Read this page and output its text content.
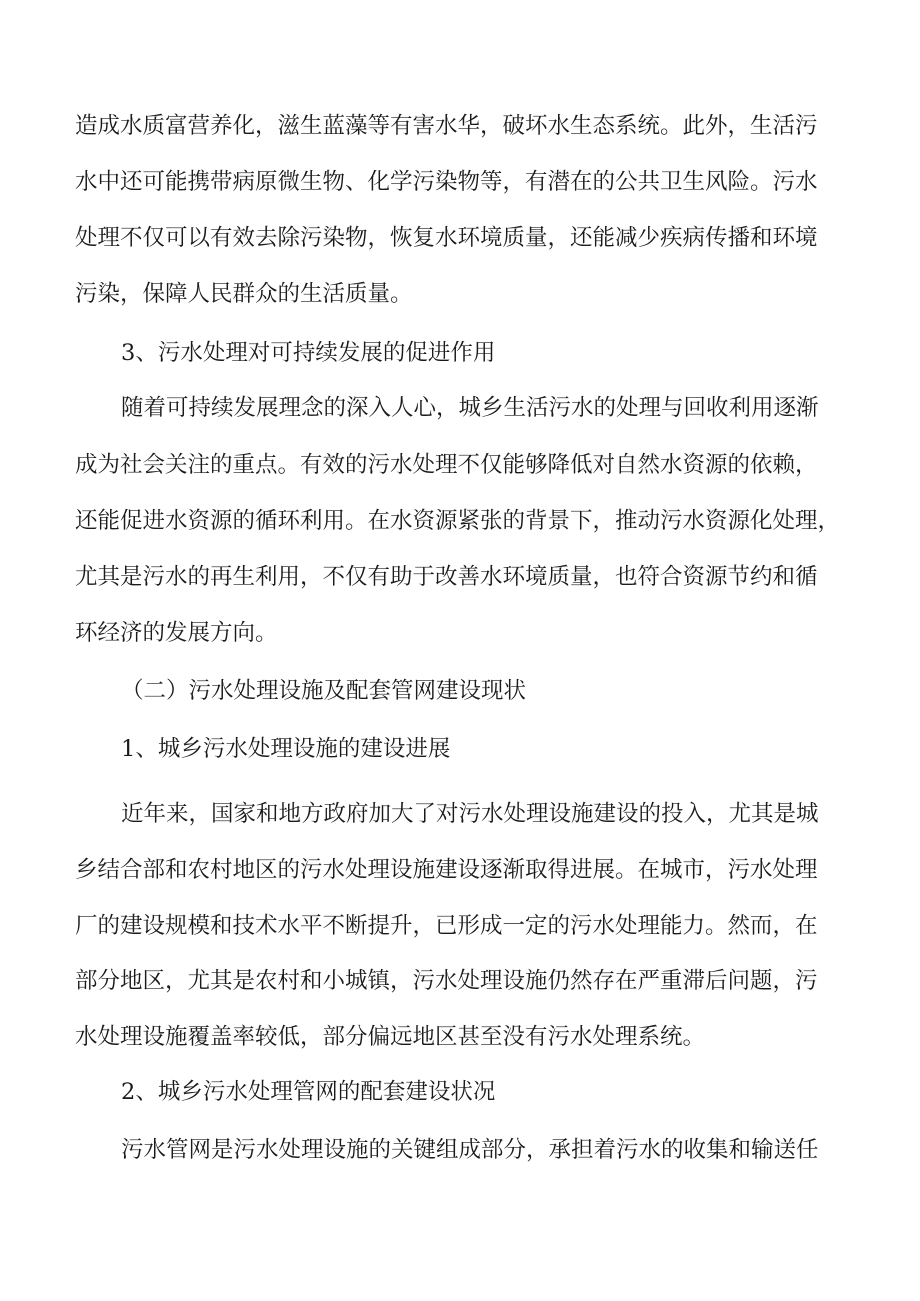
造成水质富营养化，滋生蓝藻等有害水华，破坏水生态系统。此外，生活污
水中还可能携带病原微生物、化学污染物等，有潜在的公共卫生风险。污水
处理不仅可以有效去除污染物，恢复水环境质量，还能减少疾病传播和环境
污染，保障人民群众的生活质量。
3、污水处理对可持续发展的促进作用
随着可持续发展理念的深入人心，城乡生活污水的处理与回收利用逐渐
成为社会关注的重点。有效的污水处理不仅能够降低对自然水资源的依赖，
还能促进水资源的循环利用。在水资源紧张的背景下，推动污水资源化处理，
尤其是污水的再生利用，不仅有助于改善水环境质量，也符合资源节约和循
环经济的发展方向。
（二）污水处理设施及配套管网建设现状
1、城乡污水处理设施的建设进展
近年来，国家和地方政府加大了对污水处理设施建设的投入，尤其是城
乡结合部和农村地区的污水处理设施建设逐渐取得进展。在城市，污水处理
厂的建设规模和技术水平不断提升，已形成一定的污水处理能力。然而，在
部分地区，尤其是农村和小城镇，污水处理设施仍然存在严重滞后问题，污
水处理设施覆盖率较低，部分偏远地区甚至没有污水处理系统。
2、城乡污水处理管网的配套建设状况
污水管网是污水处理设施的关键组成部分，承担着污水的收集和输送任
